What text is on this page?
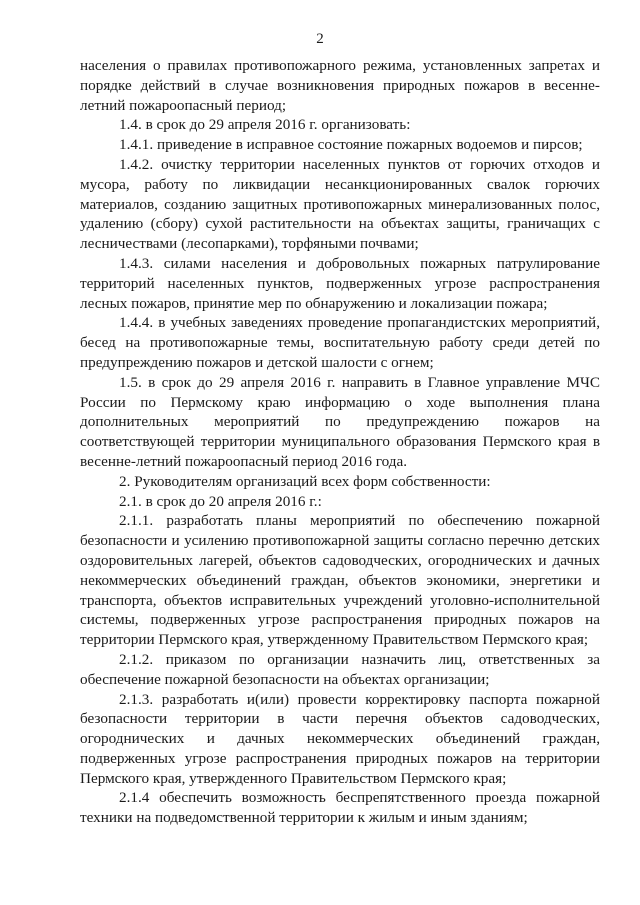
2

населения о правилах противопожарного режима, установленных запретах и порядке действий в случае возникновения природных пожаров в весенне-летний пожароопасный период;

1.4. в срок до 29 апреля 2016 г. организовать:

1.4.1. приведение в исправное состояние пожарных водоемов и пирсов;

1.4.2. очистку территории населенных пунктов от горючих отходов и мусора, работу по ликвидации несанкционированных свалок горючих материалов, созданию защитных противопожарных минерализованных полос, удалению (сбору) сухой растительности на объектах защиты, граничащих с лесничествами (лесопарками), торфяными почвами;

1.4.3. силами населения и добровольных пожарных патрулирование территорий населенных пунктов, подверженных угрозе распространения лесных пожаров, принятие мер по обнаружению и локализации пожара;

1.4.4. в учебных заведениях проведение пропагандистских мероприятий, бесед на противопожарные темы, воспитательную работу среди детей по предупреждению пожаров и детской шалости с огнем;

1.5. в срок до 29 апреля 2016 г. направить в Главное управление МЧС России по Пермскому краю информацию о ходе выполнения плана дополнительных мероприятий по предупреждению пожаров на соответствующей территории муниципального образования Пермского края в весенне-летний пожароопасный период 2016 года.

2. Руководителям организаций всех форм собственности:

2.1. в срок до 20 апреля 2016 г.:

2.1.1. разработать планы мероприятий по обеспечению пожарной безопасности и усилению противопожарной защиты согласно перечню детских оздоровительных лагерей, объектов садоводческих, огороднических и дачных некоммерческих объединений граждан, объектов экономики, энергетики и транспорта, объектов исправительных учреждений уголовно-исполнительной системы, подверженных угрозе распространения природных пожаров на территории Пермского края, утвержденному Правительством Пермского края;

2.1.2. приказом по организации назначить лиц, ответственных за обеспечение пожарной безопасности на объектах организации;

2.1.3. разработать и(или) провести корректировку паспорта пожарной безопасности территории в части перечня объектов садоводческих, огороднических и дачных некоммерческих объединений граждан, подверженных угрозе распространения природных пожаров на территории Пермского края, утвержденного Правительством Пермского края;

2.1.4 обеспечить возможность беспрепятственного проезда пожарной техники на подведомственной территории к жилым и иным зданиям;
